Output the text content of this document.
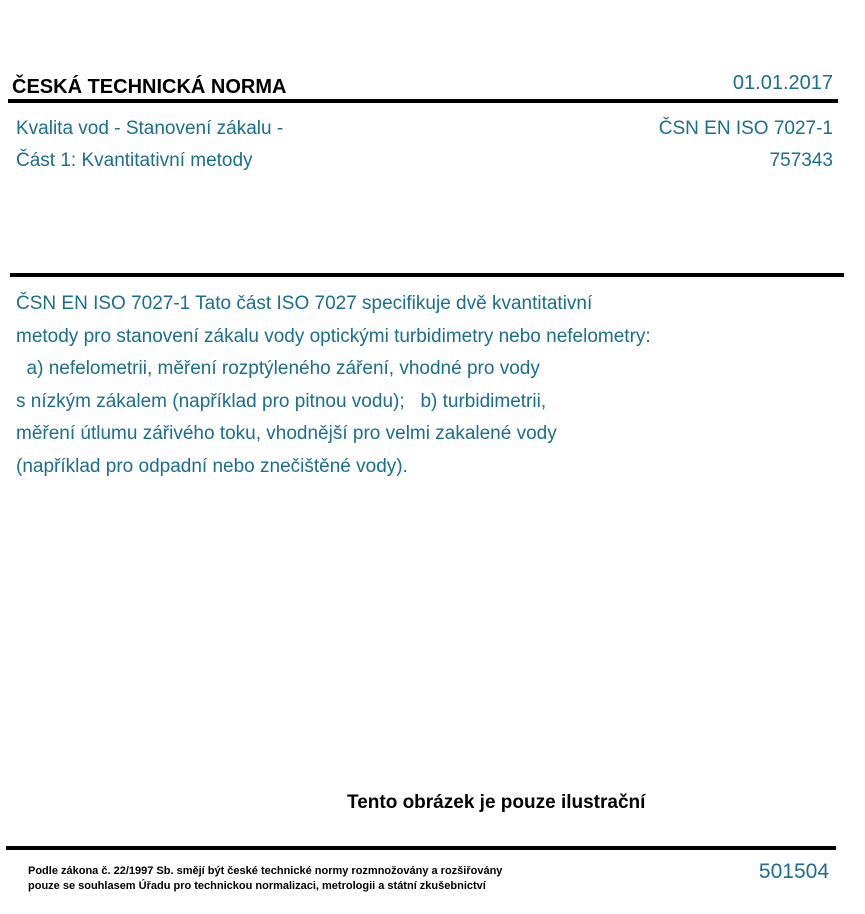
ČESKÁ TECHNICKÁ NORMA	01.01.2017
Kvalita vod - Stanovení zákalu -
Část 1: Kvantitativní metody
ČSN EN ISO 7027-1
757343
ČSN EN ISO 7027-1 Tato část ISO 7027 specifikuje dvě kvantitativní
metody pro stanovení zákalu vody optickými turbidimetry nebo nefelometry:
a) nefelometrii, měření rozptýleného záření, vhodné pro vody
s nízkým zákalem (například pro pitnou vodu);   b) turbidimetrii,
měření útlumu zářivého toku, vhodnější pro velmi zakalené vody
(například pro odpadní nebo znečištěné vody).
Tento obrázek je pouze ilustrační
Podle zákona č. 22/1997 Sb. smějí být české technické normy rozmnožovány a rozšiřovány
pouze se souhlasem Úřadu pro technickou normalizaci, metrologii a státní zkušebnictví
501504
